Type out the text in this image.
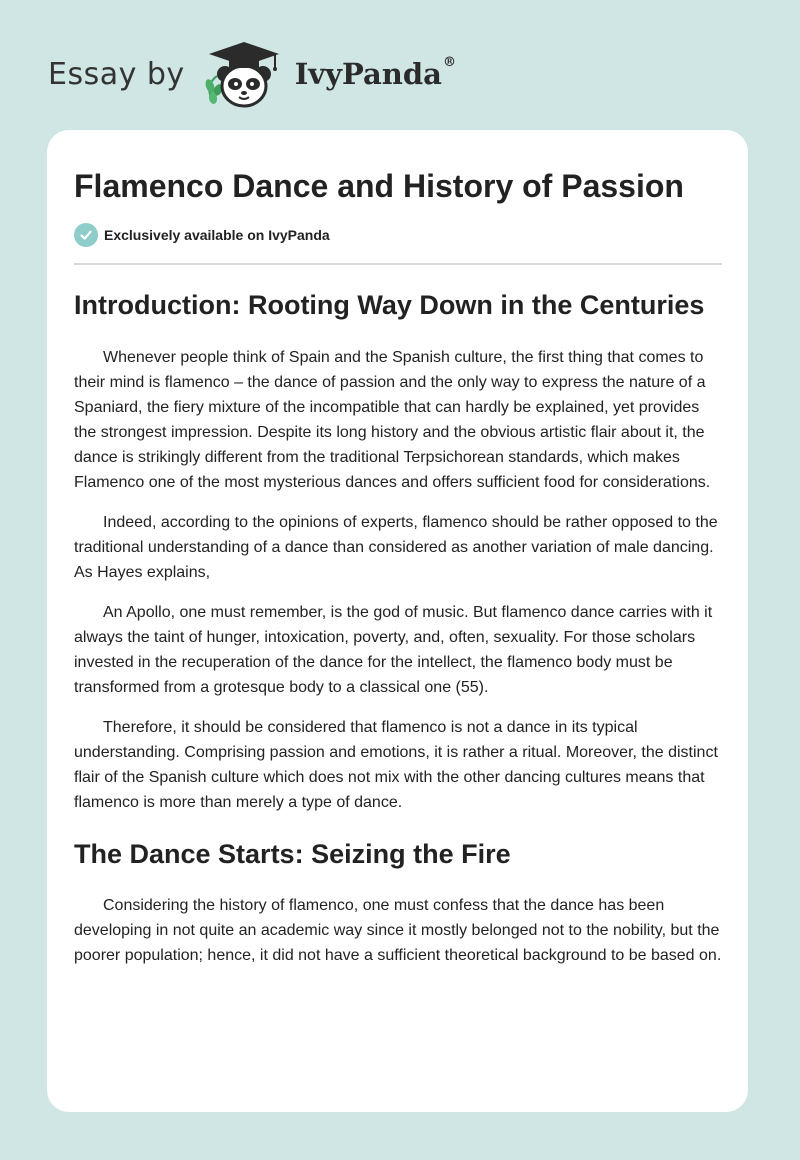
Essay by	IvyPanda®
Flamenco Dance and History of Passion
Exclusively available on IvyPanda
Introduction: Rooting Way Down in the Centuries

Whenever people think of Spain and the Spanish culture, the first thing that comes to their mind is flamenco – the dance of passion and the only way to express the nature of a Spaniard, the fiery mixture of the incompatible that can hardly be explained, yet provides the strongest impression. Despite its long history and the obvious artistic flair about it, the dance is strikingly different from the traditional Terpsichorean standards, which makes Flamenco one of the most mysterious dances and offers sufficient food for considerations.

Indeed, according to the opinions of experts, flamenco should be rather opposed to the traditional understanding of a dance than considered as another variation of male dancing. As Hayes explains,

An Apollo, one must remember, is the god of music. But flamenco dance carries with it always the taint of hunger, intoxication, poverty, and, often, sexuality. For those scholars invested in the recuperation of the dance for the intellect, the flamenco body must be transformed from a grotesque body to a classical one (55).

Therefore, it should be considered that flamenco is not a dance in its typical understanding. Comprising passion and emotions, it is rather a ritual. Moreover, the distinct flair of the Spanish culture which does not mix with the other dancing cultures means that flamenco is more than merely a type of dance.

The Dance Starts: Seizing the Fire

Considering the history of flamenco, one must confess that the dance has been developing in not quite an academic way since it mostly belonged not to the nobility, but the poorer population; hence, it did not have a sufficient theoretical background to be based on.
